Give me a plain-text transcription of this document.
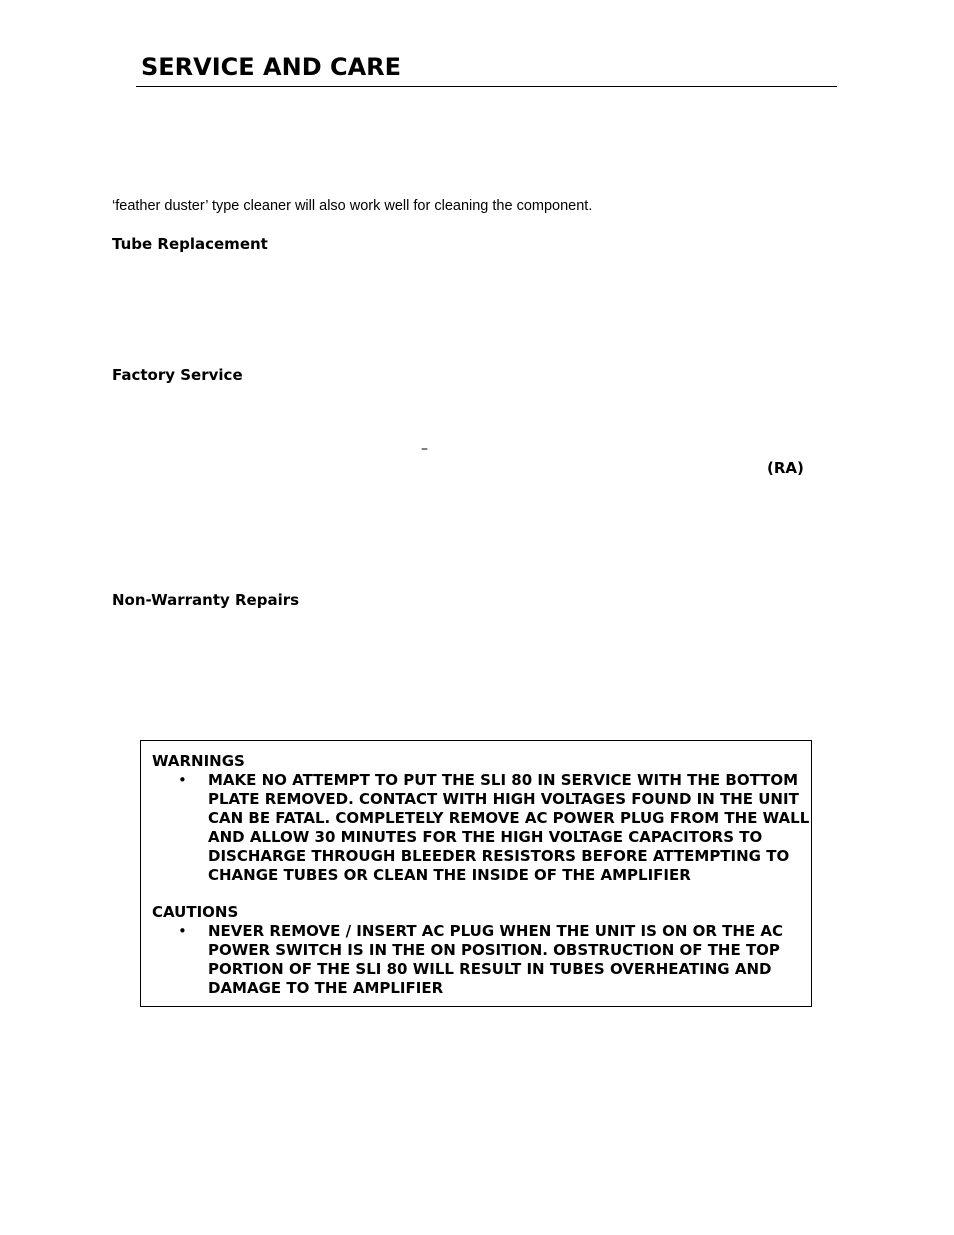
SERVICE AND CARE
‘feather duster’ type cleaner will also work well for cleaning the component.
Tube Replacement
Factory Service
–
(RA)
Non-Warranty Repairs
WARNINGS
• MAKE NO ATTEMPT TO PUT THE SLI 80 IN SERVICE WITH THE BOTTOM
PLATE REMOVED. CONTACT WITH HIGH VOLTAGES FOUND IN THE UNIT
CAN BE FATAL. COMPLETELY REMOVE AC POWER PLUG FROM THE WALL
AND ALLOW 30 MINUTES FOR THE HIGH VOLTAGE CAPACITORS TO
DISCHARGE THROUGH BLEEDER RESISTORS BEFORE ATTEMPTING TO
CHANGE TUBES OR CLEAN THE INSIDE OF THE AMPLIFIER
CAUTIONS
• NEVER REMOVE / INSERT AC PLUG WHEN THE UNIT IS ON OR THE AC
POWER SWITCH IS IN THE ON POSITION. OBSTRUCTION OF THE TOP
PORTION OF THE SLI 80 WILL RESULT IN TUBES OVERHEATING AND
DAMAGE TO THE AMPLIFIER
